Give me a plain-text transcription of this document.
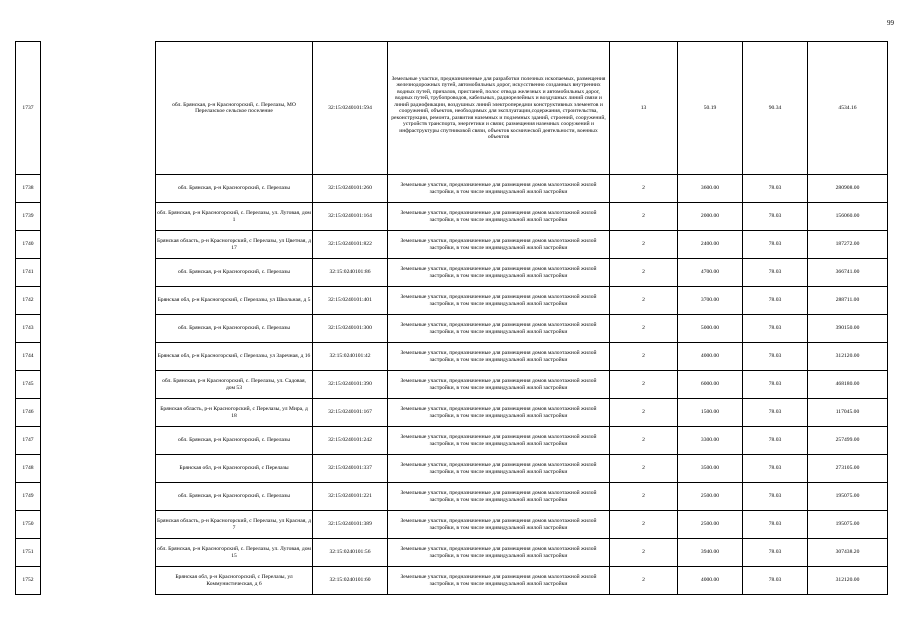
99
1737		обл. Брянская, р-н Красногорский, с. Перелазы, МО Перелазское сельское поселение	32:15:0240101:594	Земельные участки, предназначенные для разработки полезных ископаемых, размещения железнодорожных путей, автомобильных дорог, искусственно созданных внутренних водных путей, причалов, пристаней, полос отвода железных и автомобильных дорог, водных путей, трубопроводов, кабельных, радиорелейных и воздушных линий связи и линий радиофикации, воздушных линий электропередачи конструктивных элементов и сооружений, объектов, необходимых для эксплуатации,содержания, строительства, реконструкции, ремонта, развития наземных и подземных зданий, строений, сооружений, устройств транспорта, энергетики и связи; размещения наземных сооружений и инфраструктуры спутниковой связи, объектов космической деятельности, военных объектов	13	50.19	90.34	4534.16
1738		обл. Брянская, р-н Красногорский, с. Перелазы	32:15:0240101:260	Земельные участки, предназначенные для размещения домов малоэтажной жилой застройки, в том числе индивидуальной жилой застройки	2	3600.00	78.03	280908.00
1739		обл. Брянская, р-н Красногорский, с. Перелазы, ул. Луговая, дом 1	32:15:0240101:164	Земельные участки, предназначенные для размещения домов малоэтажной жилой застройки, в том числе индивидуальной жилой застройки	2	2000.00	78.03	156060.00
1740		Брянская область, р-н Красногорский, с Перелазы, ул Цветная, д 17	32:15:0240101:822	Земельные участки, предназначенные для размещения домов малоэтажной жилой застройки, в том числе индивидуальной жилой застройки	2	2400.00	78.03	187272.00
1741		обл. Брянская, р-н Красногорский, с. Перелазы	32:15:0240101:86	Земельные участки, предназначенные для размещения домов малоэтажной жилой застройки, в том числе индивидуальной жилой застройки	2	4700.00	78.03	366741.00
1742		Брянская обл, р-н Красногорский, с Перелазы, ул Школьная, д 5	32:15:0240101:401	Земельные участки, предназначенные для размещения домов малоэтажной жилой застройки, в том числе индивидуальной жилой застройки	2	3700.00	78.03	288711.00
1743		обл. Брянская, р-н Красногорский, с. Перелазы	32:15:0240101:300	Земельные участки, предназначенные для размещения домов малоэтажной жилой застройки, в том числе индивидуальной жилой застройки	2	5000.00	78.03	390150.00
1744		Брянская обл, р-н Красногорский, с Перелазы, ул Заречная, д 16	32:15:0240101:42	Земельные участки, предназначенные для размещения домов малоэтажной жилой застройки, в том числе индивидуальной жилой застройки	2	4000.00	78.03	312120.00
1745		обл. Брянская, р-н Красногорский, с. Перелазы, ул. Садовая, дом 53	32:15:0240101:390	Земельные участки, предназначенные для размещения домов малоэтажной жилой застройки, в том числе индивидуальной жилой застройки	2	6000.00	78.03	468180.00
1746		Брянская область, р-н Красногорский, с Перелазы, ул Мира, д 18	32:15:0240101:167	Земельные участки, предназначенные для размещения домов малоэтажной жилой застройки, в том числе индивидуальной жилой застройки	2	1500.00	78.03	117045.00
1747		обл. Брянская, р-н Красногорский, с. Перелазы	32:15:0240101:242	Земельные участки, предназначенные для размещения домов малоэтажной жилой застройки, в том числе индивидуальной жилой застройки	2	3300.00	78.03	257499.00
1748		Брянская обл, р-н Красногорский, с Перелазы	32:15:0240101:337	Земельные участки, предназначенные для размещения домов малоэтажной жилой застройки, в том числе индивидуальной жилой застройки	2	3500.00	78.03	273105.00
1749		обл. Брянская, р-н Красногорский, с. Перелазы	32:15:0240101:221	Земельные участки, предназначенные для размещения домов малоэтажной жилой застройки, в том числе индивидуальной жилой застройки	2	2500.00	78.03	195075.00
1750		Брянская область, р-н Красногорский, с Перелазы, ул Красная, д 7	32:15:0240101:389	Земельные участки, предназначенные для размещения домов малоэтажной жилой застройки, в том числе индивидуальной жилой застройки	2	2500.00	78.03	195075.00
1751		обл. Брянская, р-н Красногорский, с. Перелазы, ул. Луговая, дом 15	32:15:0240101:56	Земельные участки, предназначенные для размещения домов малоэтажной жилой застройки, в том числе индивидуальной жилой застройки	2	3940.00	78.03	307438.20
1752		Брянская обл, р-н Красногорский, с Перелазы, ул Коммунистическая, д 6	32:15:0240101:60	Земельные участки, предназначенные для размещения домов малоэтажной жилой застройки, в том числе индивидуальной жилой застройки	2	4000.00	78.03	312120.00
